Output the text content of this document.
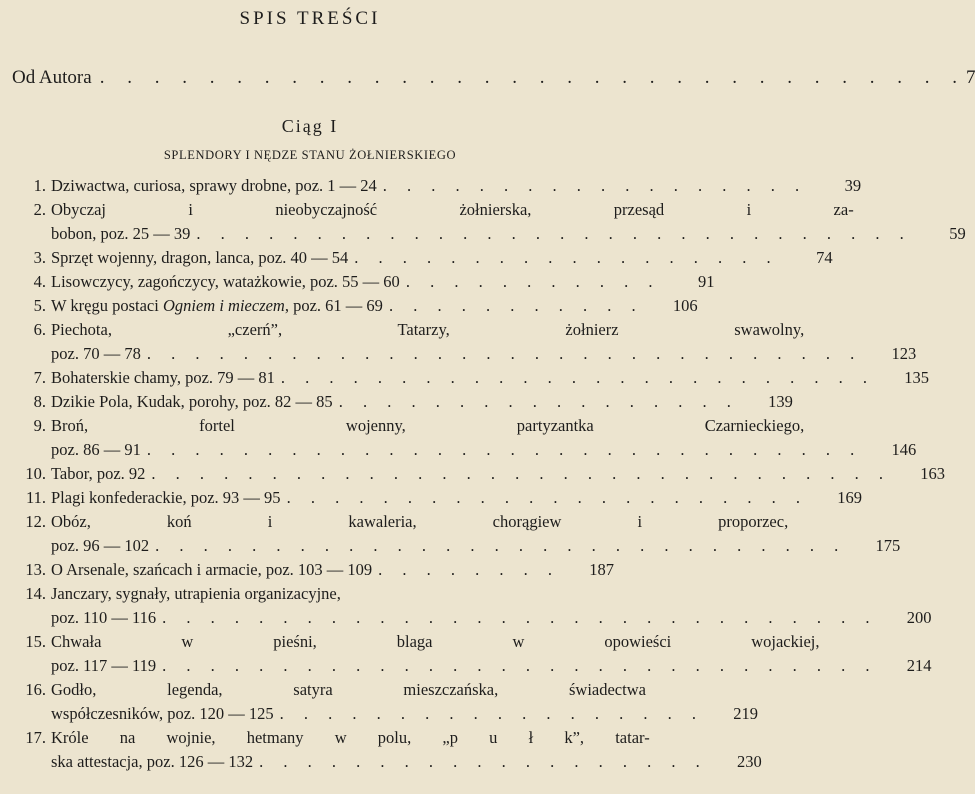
SPIS TREŚCI
Od Autora . . . . . . . . . . . . . . . . . . . . . . . . . . . . . . . . 7
Ciąg I
SPLENDORY I NĘDZE STANU ŻOŁNIERSKIEGO
1. Dziwactwa, curiosa, sprawy drobne, poz. 1 — 24 . . . . . . . . . . . . . . . . . .	39
2. Obyczaj i nieobyczajność żołnierska, przesąd i za-
bobon, poz. 25 — 39 . . . . . . . . . . . . . . . . . . . . . . . . . . . . . .	59
3. Sprzęt wojenny, dragon, lanca, poz. 40 — 54 . . . . . . . . . . . . . . . . . .	74
4. Lisowczycy, zagończycy, watażkowie, poz. 55 — 60 . . . . . . . . . . .	91
5. W kręgu postaci Ogniem i mieczem, poz. 61 — 69 . . . . . . . . . . .	106
6. Piechota, „czerń”, Tatarzy, żołnierz swawolny,
poz. 70 — 78 . . . . . . . . . . . . . . . . . . . . . . . . . . . . . .	123
7. Bohaterskie chamy, poz. 79 — 81 . . . . . . . . . . . . . . . . . . . . . . . . .	135
8. Dzikie Pola, Kudak, porohy, poz. 82 — 85 . . . . . . . . . . . . . . . . .	139
9. Broń, fortel wojenny, partyzantka Czarnieckiego,
poz. 86 — 91 . . . . . . . . . . . . . . . . . . . . . . . . . . . . . .	146
10. Tabor, poz. 92 . . . . . . . . . . . . . . . . . . . . . . . . . . . . . . .	163
11. Plagi konfederackie, poz. 93 — 95 . . . . . . . . . . . . . . . . . . . . . .	169
12. Obóz, koń i kawaleria, chorągiew i proporzec,
poz. 96 — 102 . . . . . . . . . . . . . . . . . . . . . . . . . . . . .	175
13. O Arsenale, szańcach i armacie, poz. 103 — 109 . . . . . . . .	187
14. Janczary, sygnały, utrapienia organizacyjne,
poz. 110 — 116 . . . . . . . . . . . . . . . . . . . . . . . . . . . . . .	200
15. Chwała w pieśni, blaga w opowieści wojackiej,
poz. 117 — 119 . . . . . . . . . . . . . . . . . . . . . . . . . . . . . .	214
16. Godło, legenda, satyra mieszczańska, świadectwa
współczesników, poz. 120 — 125 . . . . . . . . . . . . . . . . . .	219
17. Króle na wojnie, hetmany w polu, „p u ł k”, tatar-
ska attestacja, poz. 126 — 132 . . . . . . . . . . . . . . . . . . .	230
